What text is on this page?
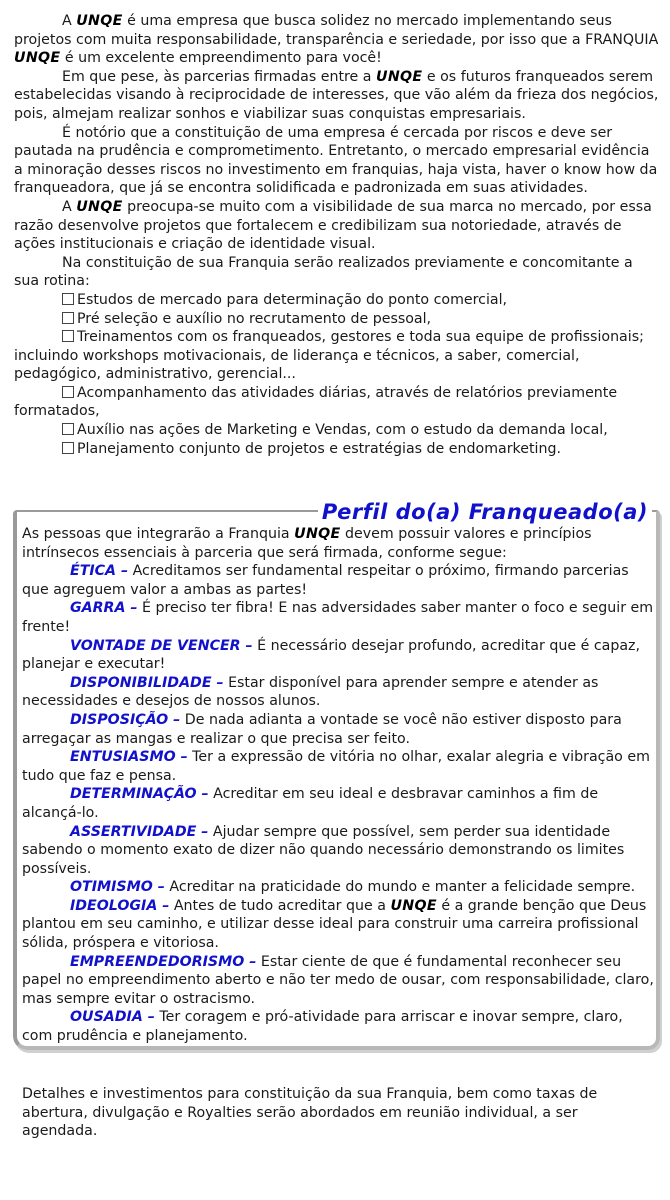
A UNQE é uma empresa que busca solidez no mercado implementando seus projetos com muita responsabilidade, transparência e seriedade, por isso que a FRANQUIA UNQE é um excelente empreendimento para você!

Em que pese, às parcerias firmadas entre a UNQE e os futuros franqueados serem estabelecidas visando à reciprocidade de interesses, que vão além da frieza dos negócios, pois, almejam realizar sonhos e viabilizar suas conquistas empresariais.

É notório que a constituição de uma empresa é cercada por riscos e deve ser pautada na prudência e comprometimento. Entretanto, o mercado empresarial evidência a minoração desses riscos no investimento em franquias, haja vista, haver o know how da franqueadora, que já se encontra solidificada e padronizada em suas atividades.

A UNQE preocupa-se muito com a visibilidade de sua marca no mercado, por essa razão desenvolve projetos que fortalecem e credibilizam sua notoriedade, através de ações institucionais e criação de identidade visual.

Na constituição de sua Franquia serão realizados previamente e concomitante a sua rotina:

Estudos de mercado para determinação do ponto comercial,

Pré seleção e auxílio no recrutamento de pessoal,

Treinamentos com os franqueados, gestores e toda sua equipe de profissionais; incluindo workshops motivacionais, de liderança e técnicos, a saber, comercial, pedagógico, administrativo, gerencial...

Acompanhamento das atividades diárias, através de relatórios previamente formatados,

Auxílio nas ações de Marketing e Vendas, com o estudo da demanda local,

Planejamento conjunto de projetos e estratégias de endomarketing.

Perfil do(a) Franqueado(a)

As pessoas que integrarão a Franquia UNQE devem possuir valores e princípios intrínsecos essenciais à parceria que será firmada, conforme segue:

ÉTICA – Acreditamos ser fundamental respeitar o próximo, firmando parcerias que agreguem valor a ambas as partes!

GARRA – É preciso ter fibra! E nas adversidades saber manter o foco e seguir em frente!

VONTADE DE VENCER – É necessário desejar profundo, acreditar que é capaz, planejar e executar!

DISPONIBILIDADE – Estar disponível para aprender sempre e atender as necessidades e desejos de nossos alunos.

DISPOSIÇÃO – De nada adianta a vontade se você não estiver disposto para arregaçar as mangas e realizar o que precisa ser feito.

ENTUSIASMO – Ter a expressão de vitória no olhar, exalar alegria e vibração em tudo que faz e pensa.

DETERMINAÇÃO – Acreditar em seu ideal e desbravar caminhos a fim de alcançá-lo.

ASSERTIVIDADE – Ajudar sempre que possível, sem perder sua identidade sabendo o momento exato de dizer não quando necessário demonstrando os limites possíveis.

OTIMISMO – Acreditar na praticidade do mundo e manter a felicidade sempre.

IDEOLOGIA – Antes de tudo acreditar que a UNQE é a grande benção que Deus plantou em seu caminho, e utilizar desse ideal para construir uma carreira profissional sólida, próspera e vitoriosa.

EMPREENDEDORISMO – Estar ciente de que é fundamental reconhecer seu papel no empreendimento aberto e não ter medo de ousar, com responsabilidade, claro, mas sempre evitar o ostracismo.

OUSADIA – Ter coragem e pró-atividade para arriscar e inovar sempre, claro, com prudência e planejamento.

Detalhes e investimentos para constituição da sua Franquia, bem como taxas de abertura, divulgação e Royalties serão abordados em reunião individual, a ser agendada.
